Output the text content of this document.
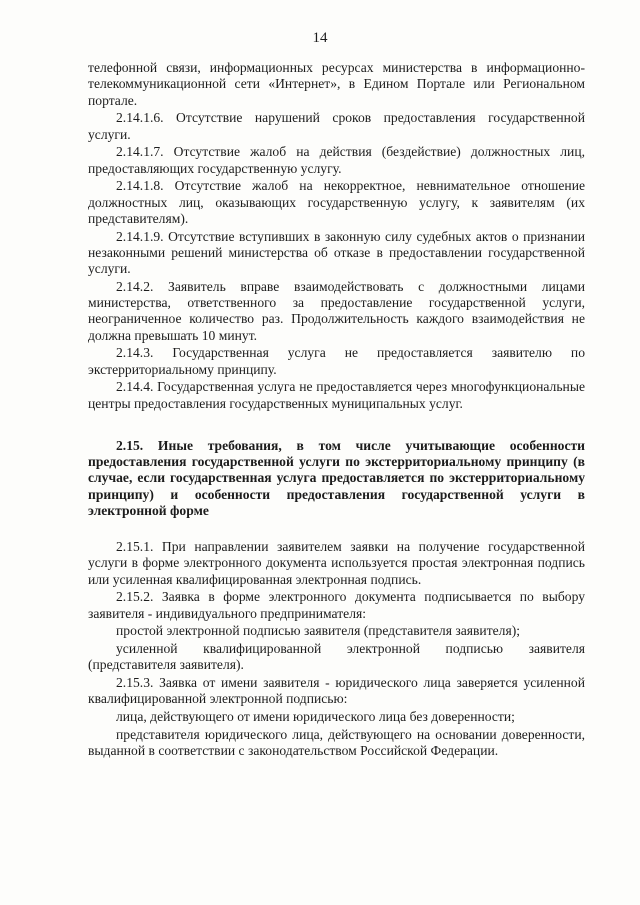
14

телефонной связи, информационных ресурсах министерства в информационно-телекоммуникационной сети «Интернет», в Едином Портале или Региональном портале.

2.14.1.6. Отсутствие нарушений сроков предоставления государственной услуги.

2.14.1.7. Отсутствие жалоб на действия (бездействие) должностных лиц, предоставляющих государственную услугу.

2.14.1.8. Отсутствие жалоб на некорректное, невнимательное отношение должностных лиц, оказывающих государственную услугу, к заявителям (их представителям).

2.14.1.9. Отсутствие вступивших в законную силу судебных актов о признании незаконными решений министерства об отказе в предоставлении государственной услуги.

2.14.2. Заявитель вправе взаимодействовать с должностными лицами министерства, ответственного за предоставление государственной услуги, неограниченное количество раз. Продолжительность каждого взаимодействия не должна превышать 10 минут.

2.14.3. Государственная услуга не предоставляется заявителю по экстерриториальному принципу.

2.14.4. Государственная услуга не предоставляется через многофункциональные центры предоставления государственных муниципальных услуг.

2.15. Иные требования, в том числе учитывающие особенности предоставления государственной услуги по экстерриториальному принципу (в случае, если государственная услуга предоставляется по экстерриториальному принципу) и особенности предоставления государственной услуги в электронной форме

2.15.1. При направлении заявителем заявки на получение государственной услуги в форме электронного документа используется простая электронная подпись или усиленная квалифицированная электронная подпись.

2.15.2. Заявка в форме электронного документа подписывается по выбору заявителя - индивидуального предпринимателя:

простой электронной подписью заявителя (представителя заявителя);

усиленной квалифицированной электронной подписью заявителя (представителя заявителя).

2.15.3. Заявка от имени заявителя - юридического лица заверяется усиленной квалифицированной электронной подписью:

лица, действующего от имени юридического лица без доверенности;

представителя юридического лица, действующего на основании доверенности, выданной в соответствии с законодательством Российской Федерации.
